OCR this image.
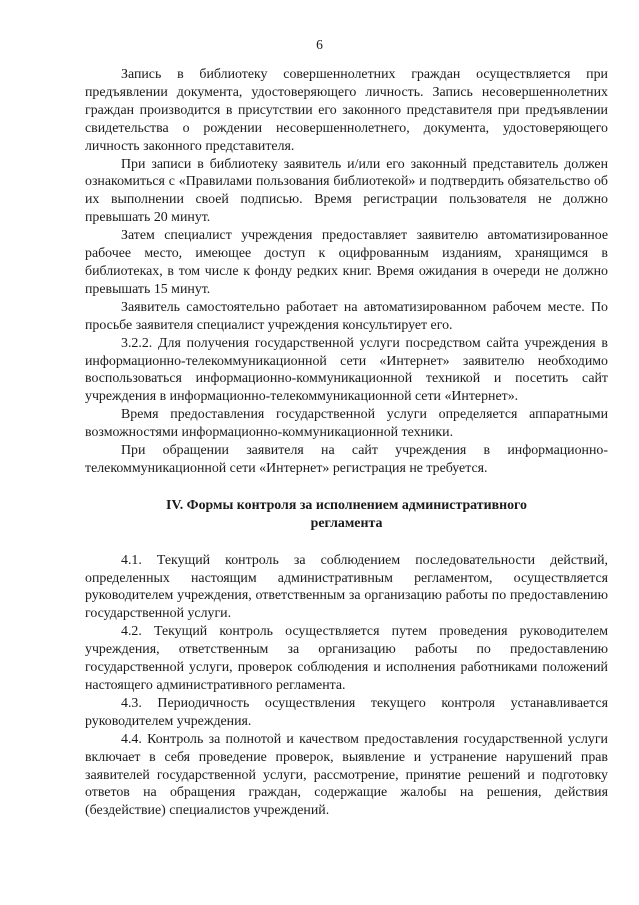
6

Запись в библиотеку совершеннолетних граждан осуществляется при предъявлении документа, удостоверяющего личность. Запись несовершеннолетних граждан производится в присутствии его законного представителя при предъявлении свидетельства о рождении несовершеннолетнего, документа, удостоверяющего личность законного представителя.

При записи в библиотеку заявитель и/или его законный представитель должен ознакомиться с «Правилами пользования библиотекой» и подтвердить обязательство об их выполнении своей подписью. Время регистрации пользователя не должно превышать 20 минут.

Затем специалист учреждения предоставляет заявителю автоматизированное рабочее место, имеющее доступ к оцифрованным изданиям, хранящимся в библиотеках, в том числе к фонду редких книг. Время ожидания в очереди не должно превышать 15 минут.

Заявитель самостоятельно работает на автоматизированном рабочем месте. По просьбе заявителя специалист учреждения консультирует его.

3.2.2. Для получения государственной услуги посредством сайта учреждения в информационно-телекоммуникационной сети «Интернет» заявителю необходимо воспользоваться информационно-коммуникационной техникой и посетить сайт учреждения в информационно-телекоммуникационной сети «Интернет».

Время предоставления государственной услуги определяется аппаратными возможностями информационно-коммуникационной техники.

При обращении заявителя на сайт учреждения в информационно-телекоммуникационной сети «Интернет» регистрация не требуется.

IV. Формы контроля за исполнением административного
регламента

4.1. Текущий контроль за соблюдением последовательности действий, определенных настоящим административным регламентом, осуществляется руководителем учреждения, ответственным за организацию работы по предоставлению государственной услуги.

4.2. Текущий контроль осуществляется путем проведения руководителем учреждения, ответственным за организацию работы по предоставлению государственной услуги, проверок соблюдения и исполнения работниками положений настоящего административного регламента.

4.3. Периодичность осуществления текущего контроля устанавливается руководителем учреждения.

4.4. Контроль за полнотой и качеством предоставления государственной услуги включает в себя проведение проверок, выявление и устранение нарушений прав заявителей государственной услуги, рассмотрение, принятие решений и подготовку ответов на обращения граждан, содержащие жалобы на решения, действия (бездействие) специалистов учреждений.
